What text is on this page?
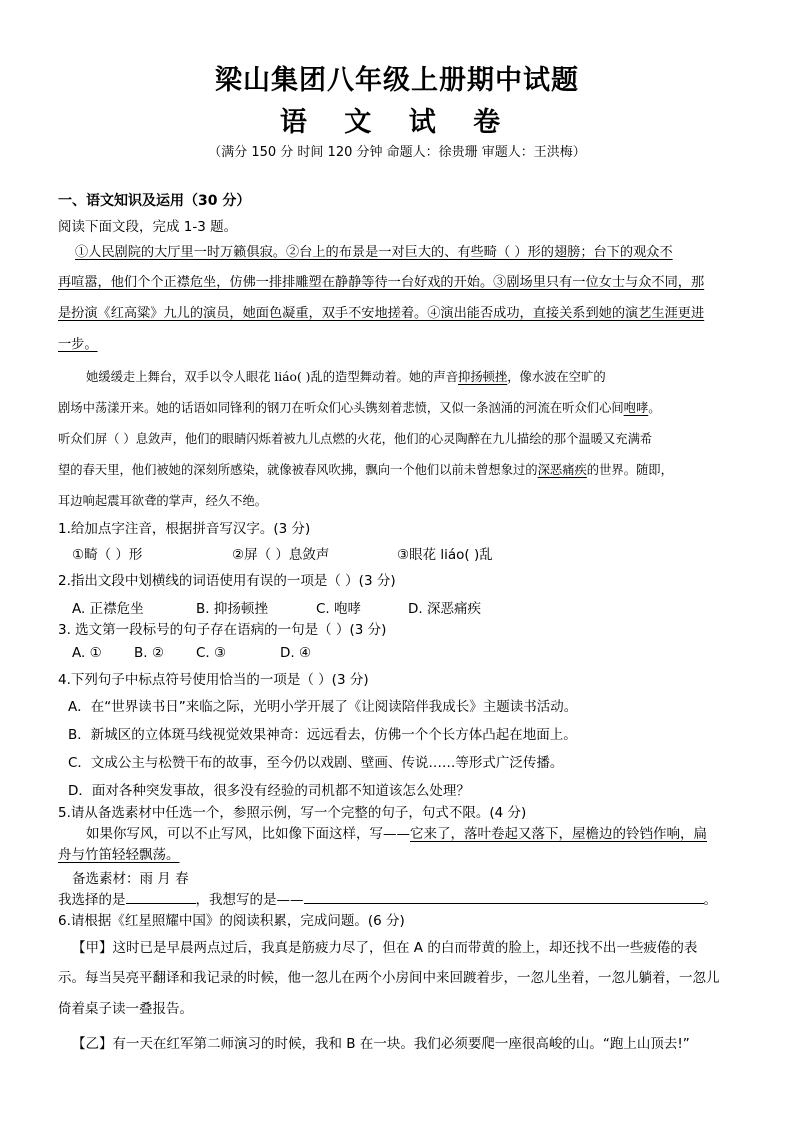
梁山集团八年级上册期中试题
语 文 试 卷
（满分 150 分 时间 120 分钟 命题人：徐贵珊 审题人：王洪梅）
一、语文知识及运用（30 分）
阅读下面文段，完成 1-3 题。
①人民剧院的大厅里一时万籁俱寂。②台上的布景是一对巨大的、有些畸（ ）形的翅膀；台下的观众不
再喧嚣，他们个个正襟危坐，仿佛一排排雕塑在静静等待一台好戏的开始。③剧场里只有一位女士与众不同，那
是扮演《红高粱》九儿的演员，她面色凝重，双手不安地搓着。④演出能否成功，直接关系到她的演艺生涯更进
一步。
她缓缓走上舞台，双手以令人眼花 liáo( )乱的造型舞动着。她的声音抑扬顿挫，像水波在空旷的
剧场中荡漾开来。她的话语如同锋利的钢刀在听众们心头镌刻着悲愤，又似一条汹涌的河流在听众们心间咆哮。
听众们屏（ ）息敛声，他们的眼睛闪烁着被九儿点燃的火花，他们的心灵陶醉在九儿描绘的那个温暖又充满希
望的春天里，他们被她的深刻所感染，就像被春风吹拂，飘向一个他们以前未曾想象过的深恶痛疾的世界。随即，
耳边响起震耳欲聋的掌声，经久不绝。
1.给加点字注音，根据拼音写汉字。(3 分)
①畸（ ）形	②屏（ ）息敛声	③眼花 liáo( )乱
2.指出文段中划横线的词语使用有误的一项是（ ）(3 分)
A. 正襟危坐	B. 抑扬顿挫	C. 咆哮	D. 深恶痛疾
3. 选文第一段标号的句子存在语病的一句是（ ）(3 分)
A. ① B. ② C. ③	D. ④
4.下列句子中标点符号使用恰当的一项是（ ）(3 分)
A．在“世界读书日”来临之际，光明小学开展了《让阅读陪伴我成长》主题读书活动。
B．新城区的立体斑马线视觉效果神奇：远远看去，仿佛一个个长方体凸起在地面上。
C．文成公主与松赞干布的故事，至今仍以戏剧、壁画、传说……等形式广泛传播。
D．面对各种突发事故，很多没有经验的司机都不知道该怎么处理？
5.请从备选素材中任选一个，参照示例，写一个完整的句子，句式不限。(4 分)
如果你写风，可以不止写风，比如像下面这样，写——它来了，落叶卷起又落下，屋檐边的铃铛作响，扁
舟与竹笛轻轻飘荡。
备选素材：雨 月 春
我选择的是	，我想写的是——	。
6.请根据《红星照耀中国》的阅读积累，完成问题。(6 分)
【甲】这时已是早晨两点过后，我真是筋疲力尽了，但在 A 的白而带黄的脸上，却还找不出一些疲倦的表
示。每当吴亮平翻译和我记录的时候，他一忽儿在两个小房间中来回踱着步，一忽儿坐着，一忽儿躺着，一忽儿
倚着桌子读一叠报告。
【乙】有一天在红军第二师演习的时候，我和 B 在一块。我们必须要爬一座很高峻的山。“跑上山顶去!”
